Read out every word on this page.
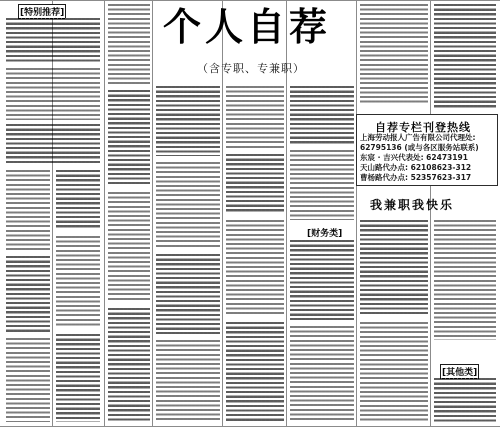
[特别推荐]	个人自荐
（含专职、专兼职）
[财务类]
自荐专栏刊登热线
上海劳动报人广告有限公司代理处:
62795136 (或与各区服务站联系)
东宸 · 吉兴代表处: 62473191
天山路代办点: 62108623-312
曹杨路代办点: 52357623-317
我兼职我快乐
[其他类]
